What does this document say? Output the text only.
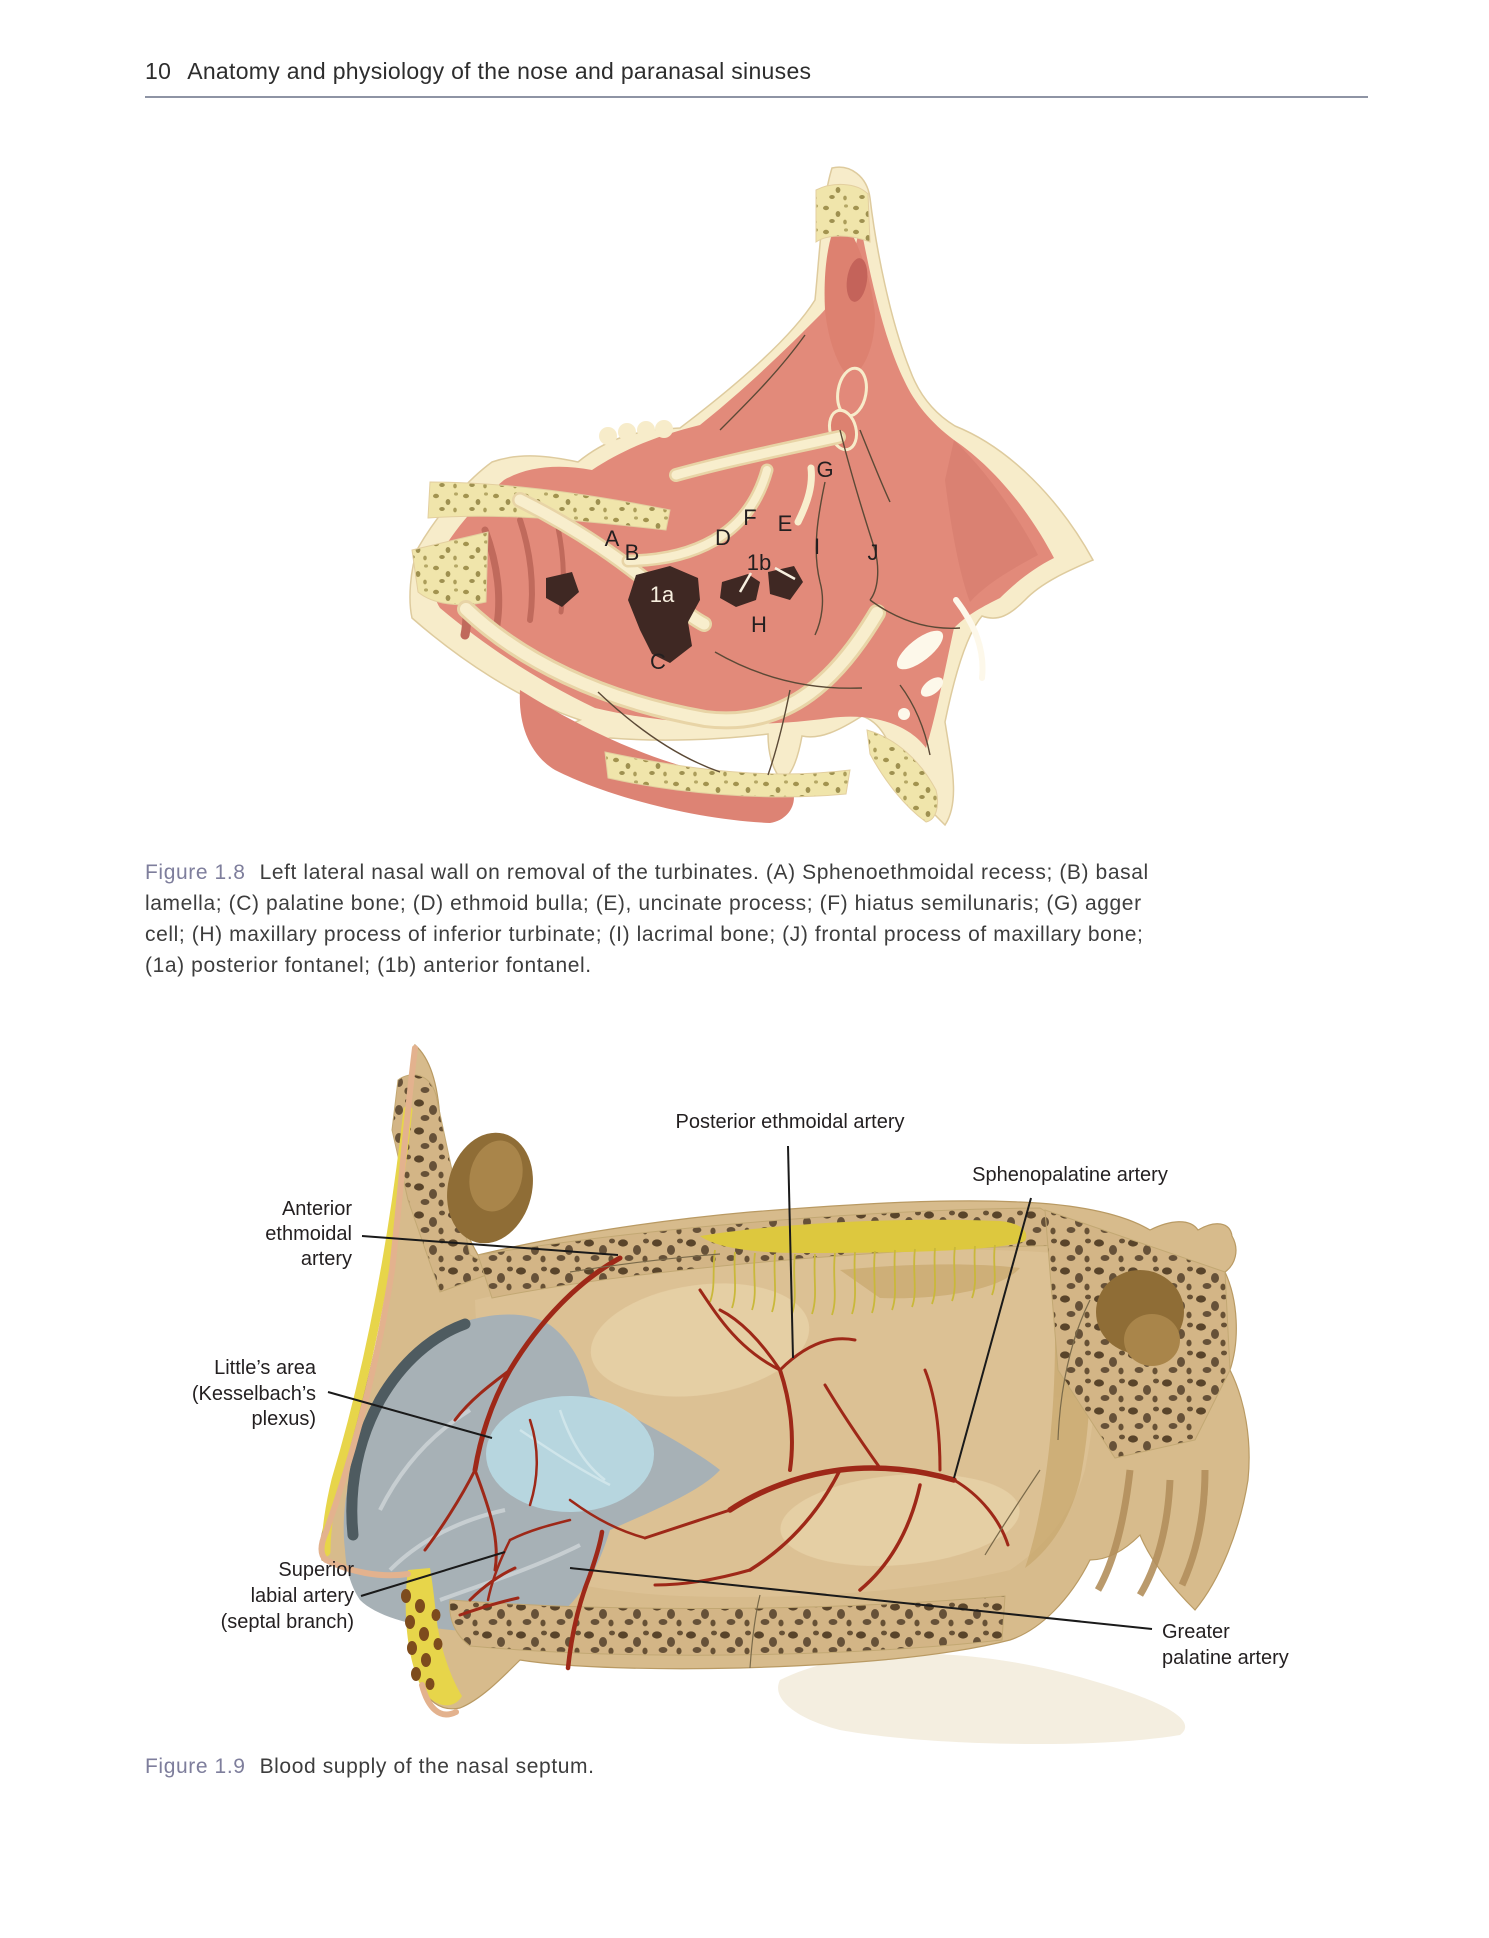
10 Anatomy and physiology of the nose and paranasal sinuses
A
B
C
D
E
F
G
H
I J
1a
1b
Figure 1.8 Left lateral nasal wall on removal of the turbinates. (A) Sphenoethmoidal recess; (B) basal
lamella; (C) palatine bone; (D) ethmoid bulla; (E), uncinate process; (F) hiatus semilunaris; (G) agger
cell; (H) maxillary process of inferior turbinate; (I) lacrimal bone; (J) frontal process of maxillary bone;
(1a) posterior fontanel; (1b) anterior fontanel.
Posterior ethmoidal artery
Sphenopalatine artery
Anterior
ethmoidal
artery
Little’s area
(Kesselbach’s
plexus)
Superior
labial artery
(septal branch)	Greater
palatine artery
Figure 1.9 Blood supply of the nasal septum.
